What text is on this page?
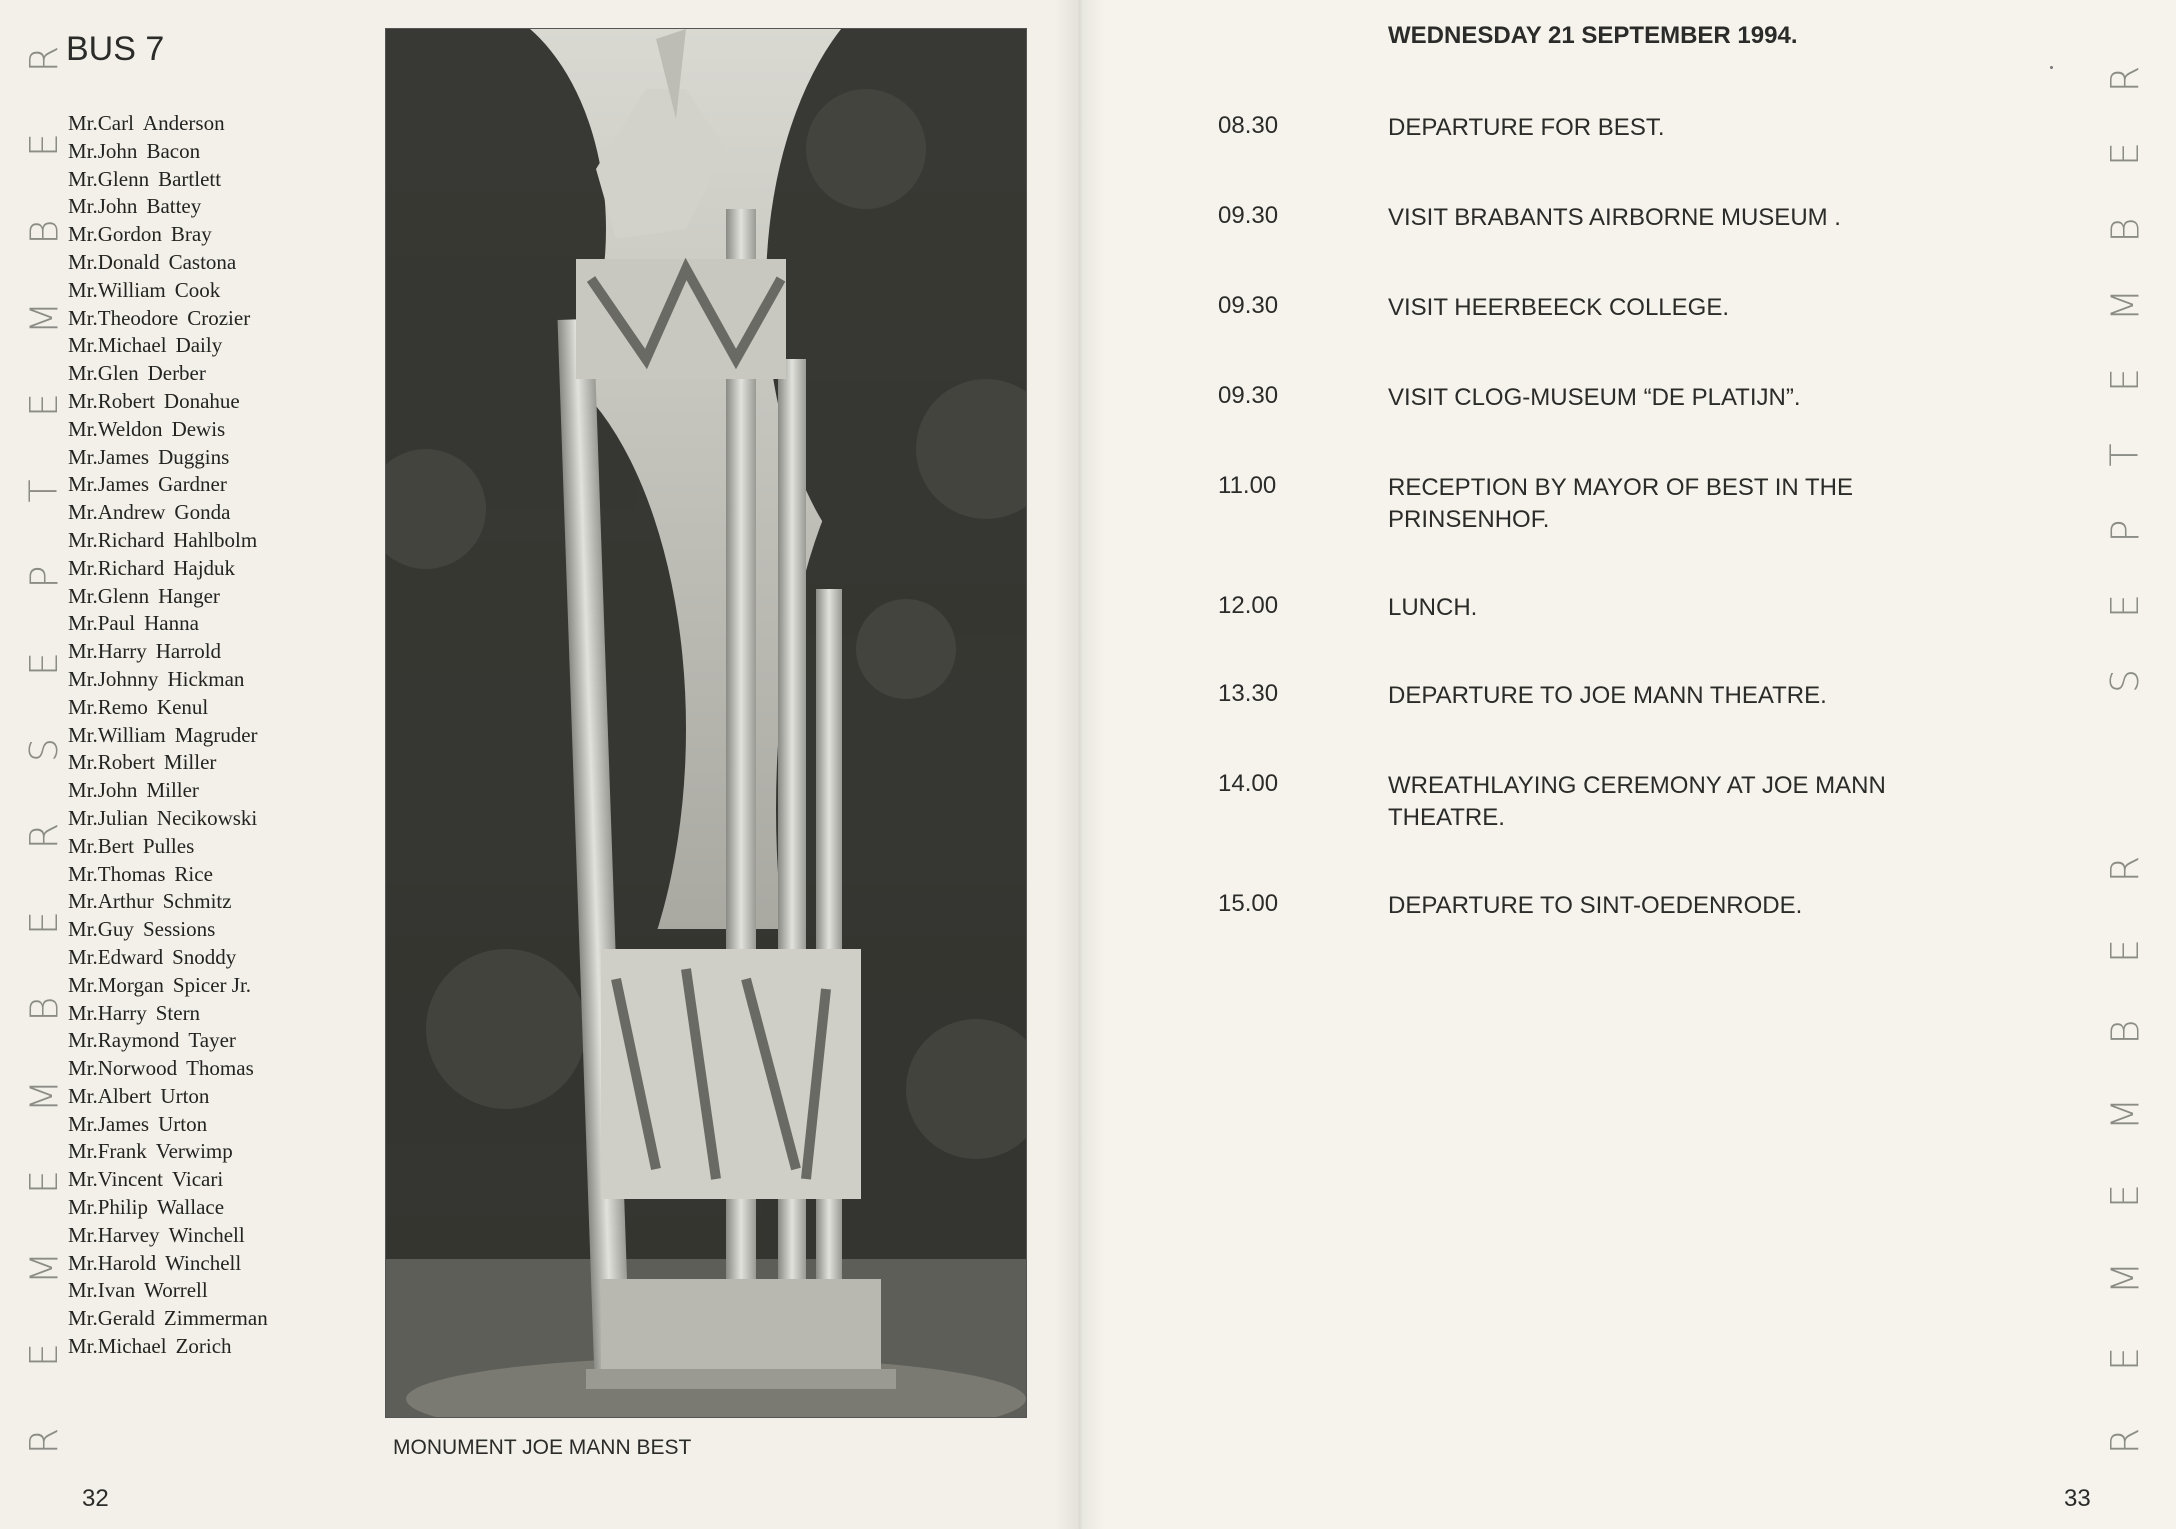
R
E
B
M
E
T
P
E
S
R
E
B
M
E
M
E
R
BUS 7
Mr.Carl Anderson
Mr.John Bacon
Mr.Glenn Bartlett
Mr.John Battey
Mr.Gordon Bray
Mr.Donald Castona
Mr.William Cook
Mr.Theodore Crozier
Mr.Michael Daily
Mr.Glen Derber
Mr.Robert Donahue
Mr.Weldon Dewis
Mr.James Duggins
Mr.James Gardner
Mr.Andrew Gonda
Mr.Richard Hahlbolm
Mr.Richard Hajduk
Mr.Glenn Hanger
Mr.Paul Hanna
Mr.Harry Harrold
Mr.Johnny Hickman
Mr.Remo Kenul
Mr.William Magruder
Mr.Robert Miller
Mr.John Miller
Mr.Julian Necikowski
Mr.Bert Pulles
Mr.Thomas Rice
Mr.Arthur Schmitz
Mr.Guy Sessions
Mr.Edward Snoddy
Mr.Morgan Spicer Jr.
Mr.Harry Stern
Mr.Raymond Tayer
Mr.Norwood Thomas
Mr.Albert Urton
Mr.James Urton
Mr.Frank Verwimp
Mr.Vincent Vicari
Mr.Philip Wallace
Mr.Harvey Winchell
Mr.Harold Winchell
Mr.Ivan Worrell
Mr.Gerald Zimmerman
Mr.Michael Zorich
MONUMENT JOE MANN BEST
32
WEDNESDAY 21 SEPTEMBER 1994.
08.30	DEPARTURE FOR BEST.
09.30	VISIT BRABANTS AIRBORNE MUSEUM .
09.30	VISIT HEERBEECK COLLEGE.
09.30	VISIT CLOG-MUSEUM “DE PLATIJN”.
11.00	RECEPTION BY MAYOR OF BEST IN THE PRINSENHOF.
12.00	LUNCH.
13.30	DEPARTURE TO JOE MANN THEATRE.
14.00	WREATHLAYING CEREMONY AT JOE MANN THEATRE.
15.00	DEPARTURE TO SINT-OEDENRODE.
R
E
B
M
E
T
P
E
S
R
E
B
M
E
M
E
R
33
